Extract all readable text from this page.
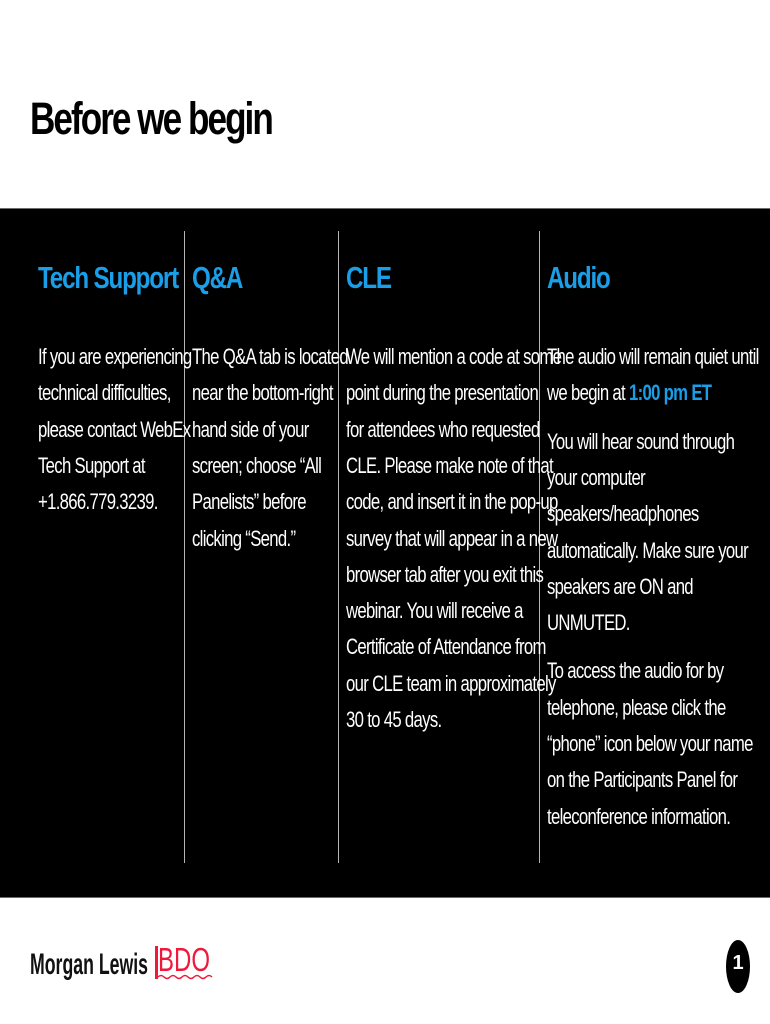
Before we begin
Tech Support

If you are experiencing
technical difficulties,
please contact WebEx
Tech Support at
+1.866.779.3239.

Q&A

The Q&A tab is located
near the bottom-right
hand side of your
screen; choose “All
Panelists” before
clicking “Send.”

CLE

We will mention a code at some
point during the presentation
for attendees who requested
CLE. Please make note of that
code, and insert it in the pop-up
survey that will appear in a new
browser tab after you exit this
webinar. You will receive a
Certificate of Attendance from
our CLE team in approximately
30 to 45 days.

Audio

The audio will remain quiet until
we begin at 1:00 pm ET

You will hear sound through
your computer
speakers/headphones
automatically. Make sure your
speakers are ON and
UNMUTED.

To access the audio for by
telephone, please click the
“phone” icon below your name
on the Participants Panel for
teleconference information.

Morgan Lewis BDO	1
